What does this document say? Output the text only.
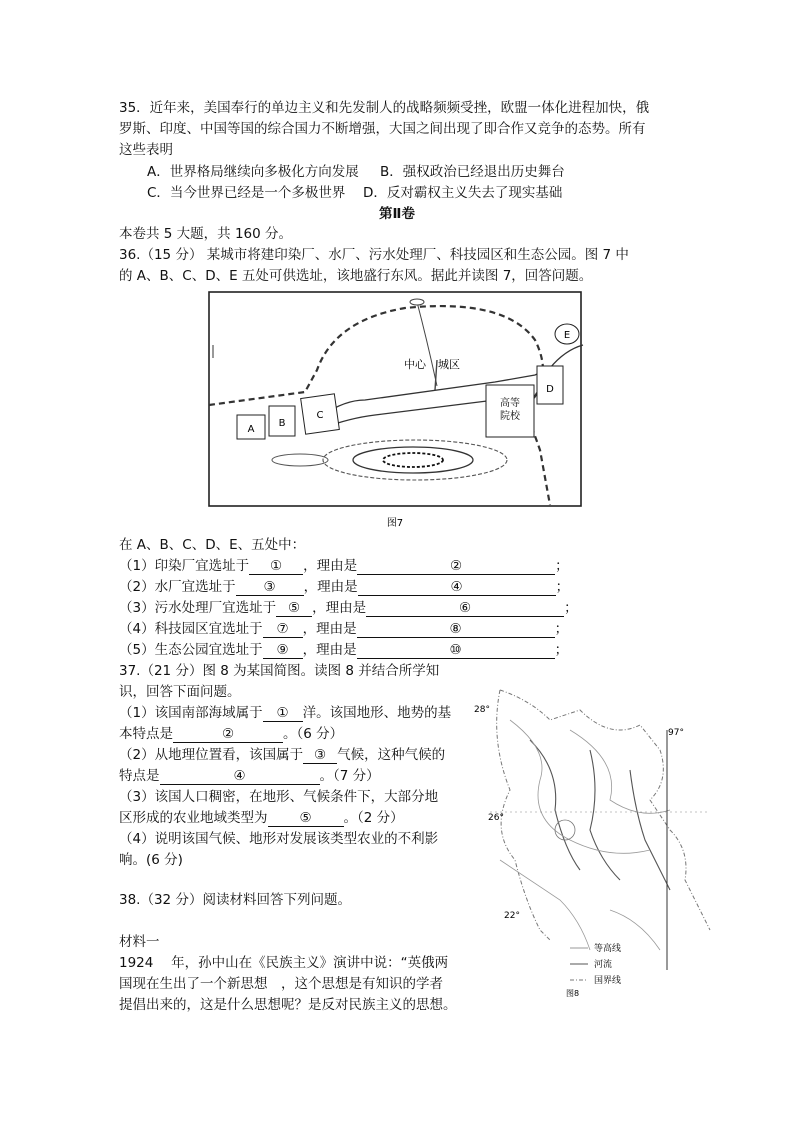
35．近年来，美国奉行的单边主义和先发制人的战略频频受挫，欧盟一体化进程加快，俄
罗斯、印度、中国等国的综合国力不断增强，大国之间出现了即合作又竞争的态势。所有
这些表明
A．世界格局继续向多极化方向发展 B．强权政治已经退出历史舞台
C．当今世界已经是一个多极世界 D．反对霸权主义失去了现实基础
第Ⅱ卷
本卷共 5 大题，共 160 分。
36.（15 分） 某城市将建印染厂、水厂、污水处理厂、科技园区和生态公园。图 7 中
的 A、B、C、D、E 五处可供选址，该地盛行东风。据此并读图 7，回答问题。
A
B
C
D
E
中心 城区
高等
院校
图7
在 A、B、C、D、E、五处中：
（1）印染厂宜选址于 ① ，理由是	②	；
（2）水厂宜选址于 ③ ，理由是	④	；
（3）污水处理厂宜选址于 ⑤ ，理由是	⑥	；
（4）科技园区宜选址于 ⑦ ，理由是	⑧	；
（5）生态公园宜选址于 ⑨ ，理由是	⑩	；
37.（21 分）图 8 为某国简图。读图 8 并结合所学知
识，回答下面问题。
（1）该国南部海域属于 ① 洋。该国地形、地势的基
本特点是	②	。（6 分）
（2）从地理位置看，该国属于 ③ 气候，这种气候的
特点是	④	。（7 分）
（3）该国人口稠密，在地形、气候条件下，大部分地
区形成的农业地域类型为 ⑤ 。（2 分）
（4）说明该国气候、地形对发展该类型农业的不利影
响。(6 分)
28°
26°
22°
97°
等高线
河流
国界线
图8
38.（32 分）阅读材料回答下列问题。
材料一
1924 　年，孙中山在《民族主义》演讲中说：“英俄两
国现在生出了一个新思想　，这个思想是有知识的学者
提倡出来的，这是什么思想呢？是反对民族主义的思想。
